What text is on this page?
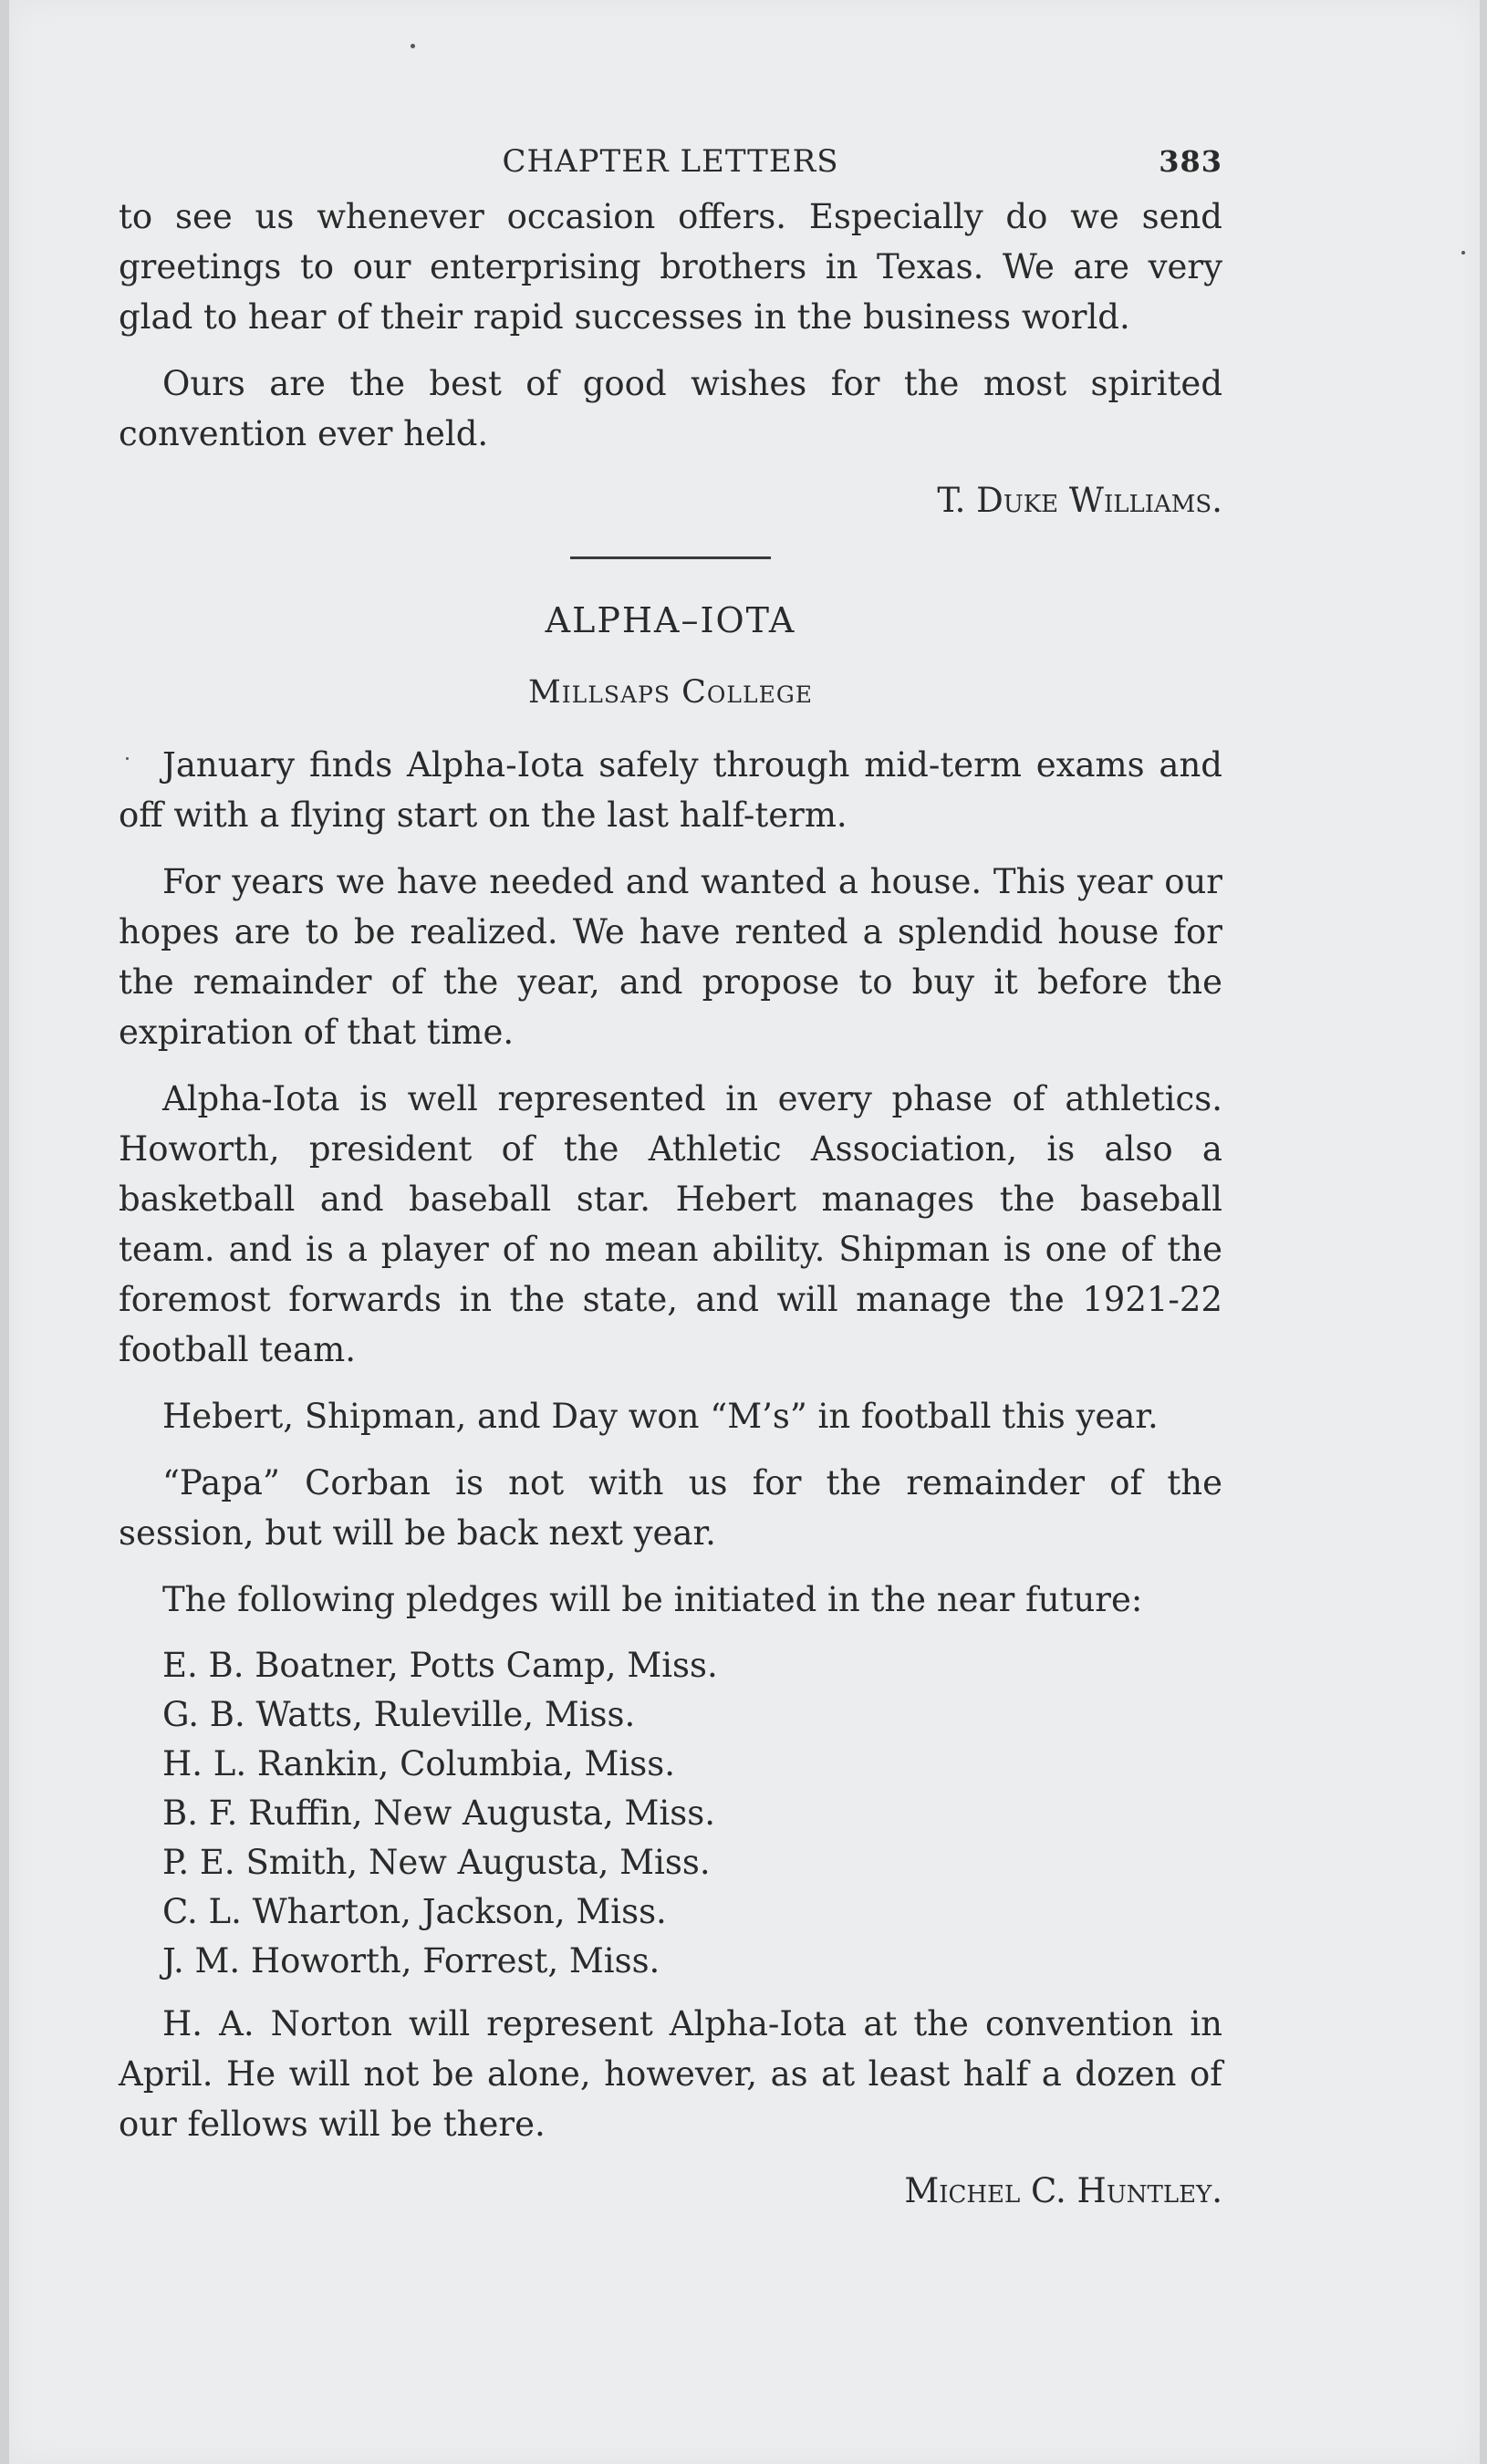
CHAPTER LETTERS	383

to see us whenever occasion offers. Especially do we send greetings to our enterprising brothers in Texas. We are very glad to hear of their rapid successes in the business world.

Ours are the best of good wishes for the most spirited convention ever held.

T. Duke Williams.
ALPHA–IOTA
Millsaps College

January finds Alpha-Iota safely through mid-term exams and off with a flying start on the last half-term.

For years we have needed and wanted a house. This year our hopes are to be realized. We have rented a splendid house for the remainder of the year, and propose to buy it before the expiration of that time.

Alpha-Iota is well represented in every phase of athletics. Howorth, president of the Athletic Association, is also a basketball and baseball star. Hebert manages the baseball team. and is a player of no mean ability. Shipman is one of the foremost forwards in the state, and will manage the 1921-22 football team.

Hebert, Shipman, and Day won “M’s” in football this year.

“Papa” Corban is not with us for the remainder of the session, but will be back next year.

The following pledges will be initiated in the near future:

E. B. Boatner, Potts Camp, Miss.
G. B. Watts, Ruleville, Miss.
H. L. Rankin, Columbia, Miss.
B. F. Ruffin, New Augusta, Miss.
P. E. Smith, New Augusta, Miss.
C. L. Wharton, Jackson, Miss.
J. M. Howorth, Forrest, Miss.

H. A. Norton will represent Alpha-Iota at the convention in April. He will not be alone, however, as at least half a dozen of our fellows will be there.

Michel C. Huntley.
